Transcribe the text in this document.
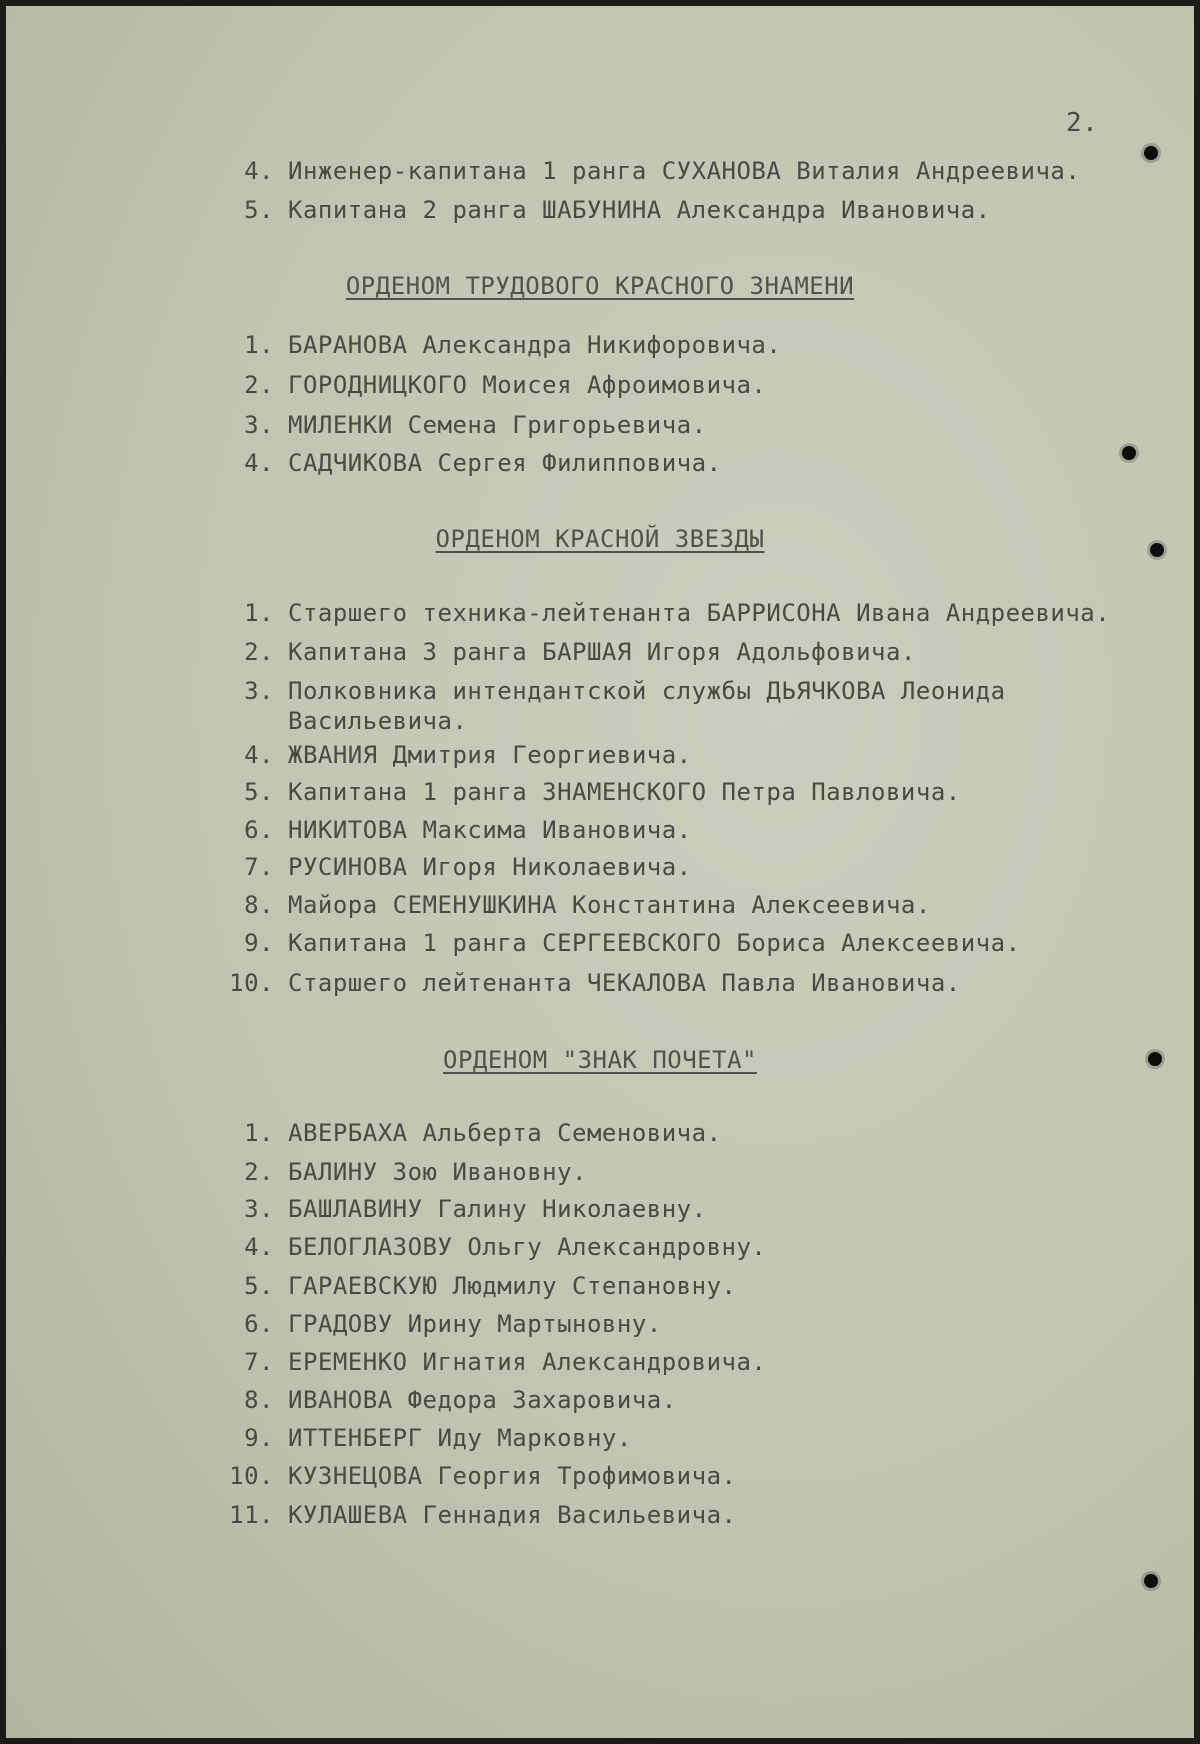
2.
4. Инженер-капитана 1 ранга СУХАНОВА Виталия Андреевича.
5. Капитана 2 ранга ШАБУНИНА Александра Ивановича.
ОРДЕНОМ ТРУДОВОГО КРАСНОГО ЗНАМЕНИ
1. БАРАНОВА Александра Никифоровича.
2. ГОРОДНИЦКОГО Моисея Афроимовича.
3. МИЛЕНКИ Семена Григорьевича.
4. САДЧИКОВА Сергея Филипповича.
ОРДЕНОМ КРАСНОЙ ЗВЕЗДЫ
1. Старшего техника-лейтенанта БАРРИСОНА Ивана Андреевича.
2. Капитана 3 ранга БАРШАЯ Игоря Адольфовича.
3. Полковника интендантской службы ДЬЯЧКОВА Леонида Васильевича.
4. ЖВАНИЯ Дмитрия Георгиевича.
5. Капитана 1 ранга ЗНАМЕНСКОГО Петра Павловича.
6. НИКИТОВА Максима Ивановича.
7. РУСИНОВА Игоря Николаевича.
8. Майора СЕМЕНУШКИНА Константина Алексеевича.
9. Капитана 1 ранга СЕРГЕЕВСКОГО Бориса Алексеевича.
10. Старшего лейтенанта ЧЕКАЛОВА Павла Ивановича.
ОРДЕНОМ "ЗНАК ПОЧЕТА"
1. АВЕРБАХА Альберта Семеновича.
2. БАЛИНУ Зою Ивановну.
3. БАШЛАВИНУ Галину Николаевну.
4. БЕЛОГЛАЗОВУ Ольгу Александровну.
5. ГАРАЕВСКУЮ Людмилу Степановну.
6. ГРАДОВУ Ирину Мартыновну.
7. ЕРЕМЕНКО Игнатия Александровича.
8. ИВАНОВА Федора Захаровича.
9. ИТТЕНБЕРГ Иду Марковну.
10. КУЗНЕЦОВА Георгия Трофимовича.
11. КУЛАШЕВА Геннадия Васильевича.
